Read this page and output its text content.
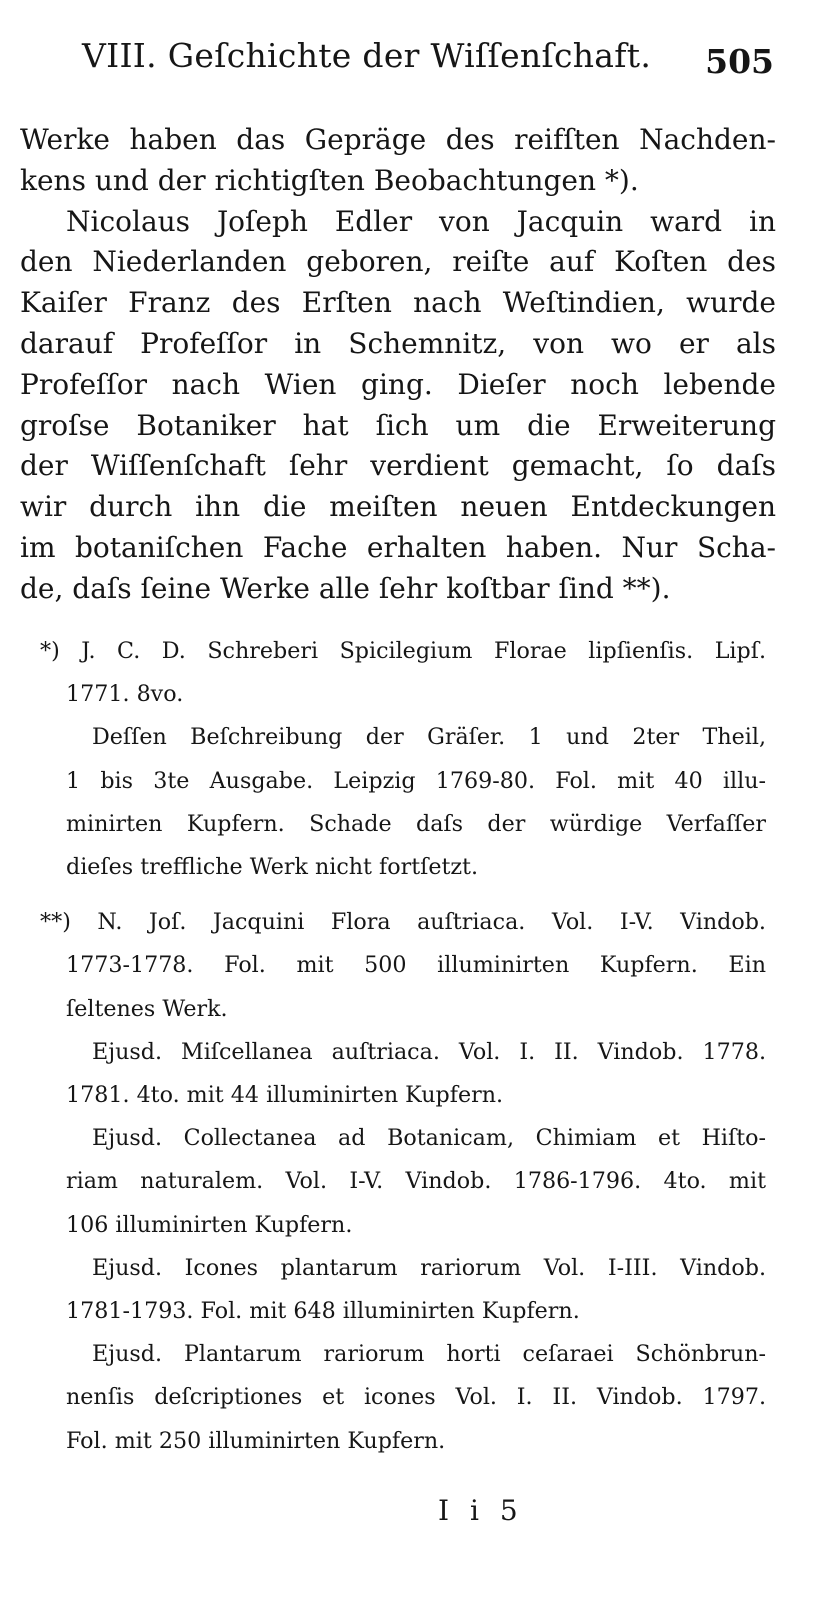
VIII. Geſchichte der Wiſſenſchaft. 505
Werke haben das Gepräge des reifſten Nachden-
kens und der richtigſten Beobachtungen *).
Nicolaus Joſeph Edler von Jacquin ward in
den Niederlanden geboren, reiſte auf Koſten des
Kaiſer Franz des Erſten nach Weſtindien, wurde
darauf Profeſſor in Schemnitz, von wo er als
Profeſſor nach Wien ging. Dieſer noch lebende
groſse Botaniker hat ſich um die Erweiterung
der Wiſſenſchaft ſehr verdient gemacht, ſo daſs
wir durch ihn die meiſten neuen Entdeckungen
im botaniſchen Fache erhalten haben. Nur Scha-
de, daſs ſeine Werke alle ſehr koſtbar ſind **).
*) J. C. D. Schreberi Spicilegium Florae lipſienſis. Lipſ.
1771. 8vo.
Deſſen Beſchreibung der Gräſer. 1 und 2ter Theil,
1 bis 3te Ausgabe. Leipzig 1769-80. Fol. mit 40 illu-
minirten Kupfern. Schade daſs der würdige Verfaſſer
dieſes treffliche Werk nicht fortſetzt.
**) N. Joſ. Jacquini Flora auſtriaca. Vol. I-V. Vindob.
1773-1778. Fol. mit 500 illuminirten Kupfern. Ein
ſeltenes Werk.
Ejusd. Miſcellanea auſtriaca. Vol. I. II. Vindob. 1778.
1781. 4to. mit 44 illuminirten Kupfern.
Ejusd. Collectanea ad Botanicam, Chimiam et Hiſto-
riam naturalem. Vol. I-V. Vindob. 1786-1796. 4to. mit
106 illuminirten Kupfern.
Ejusd. Icones plantarum rariorum Vol. I-III. Vindob.
1781-1793. Fol. mit 648 illuminirten Kupfern.
Ejusd. Plantarum rariorum horti ceſaraei Schönbrun-
nenſis deſcriptiones et icones Vol. I. II. Vindob. 1797.
Fol. mit 250 illuminirten Kupfern.
I i 5
